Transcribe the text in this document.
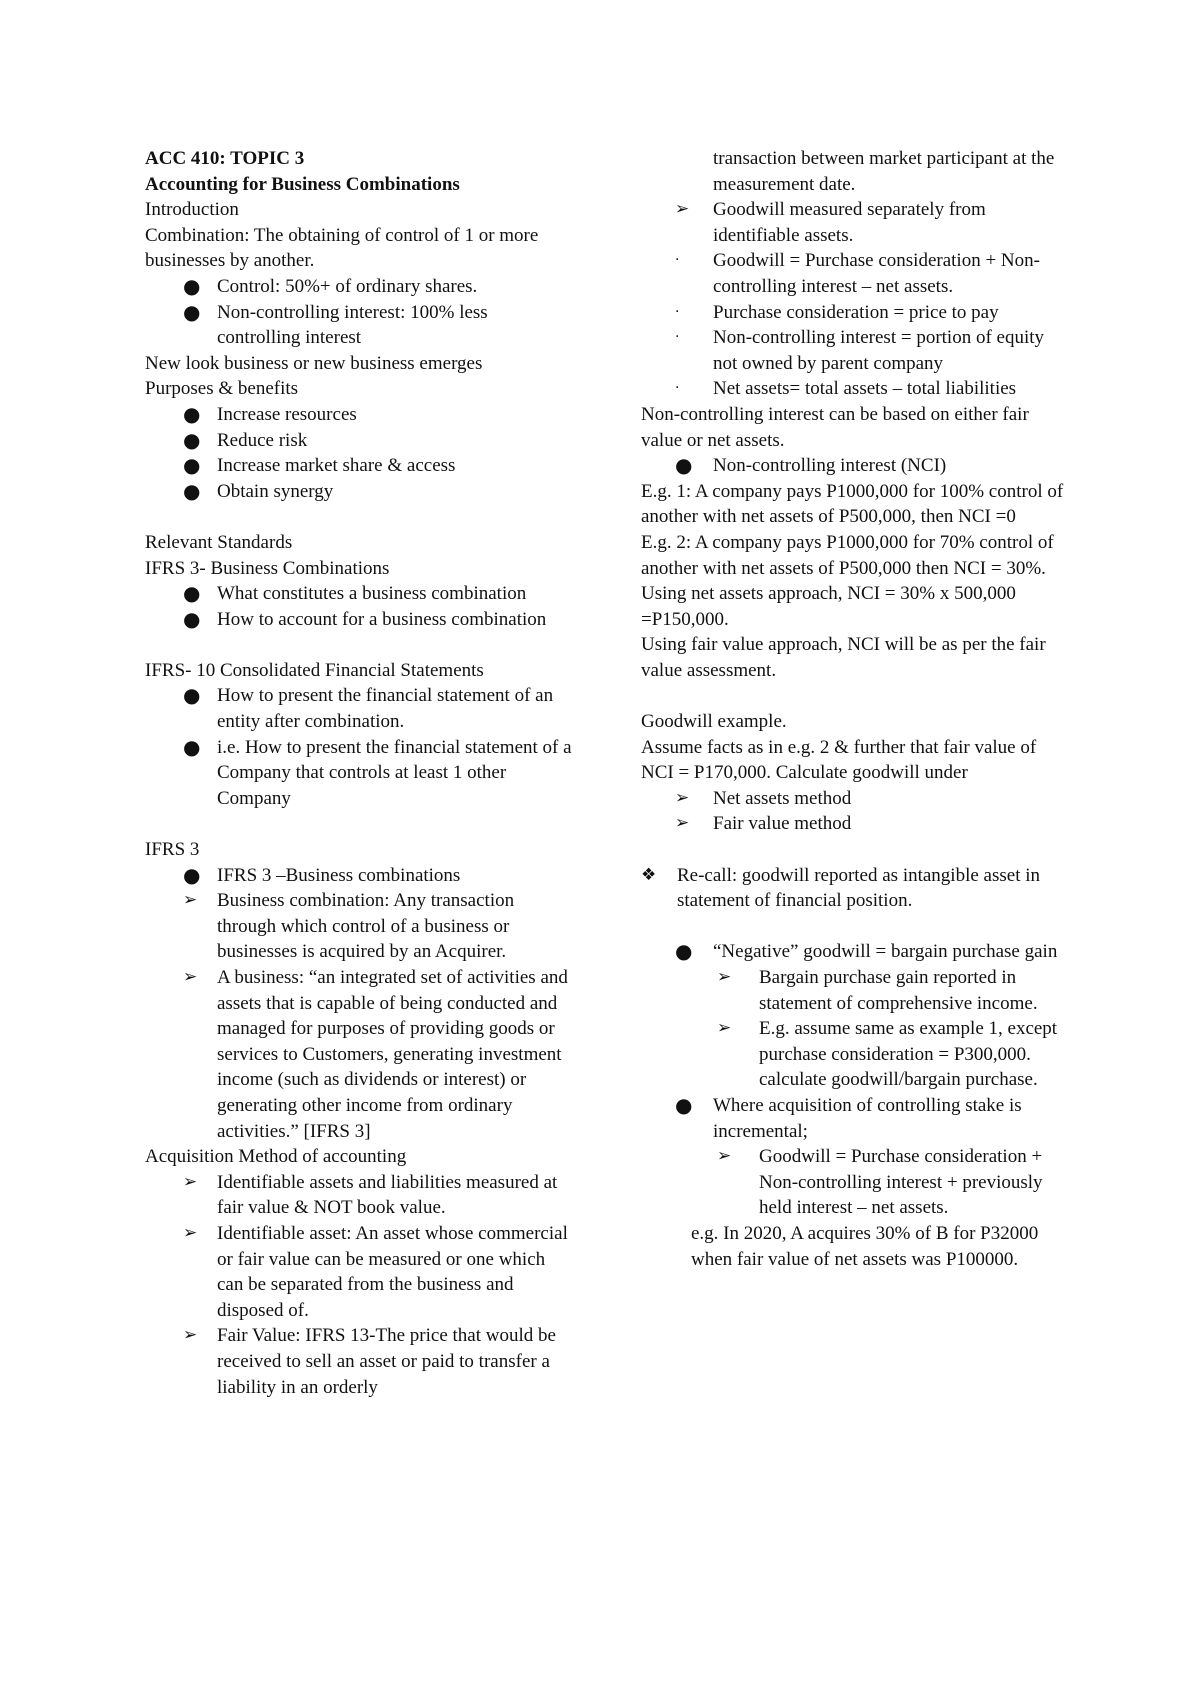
ACC 410: TOPIC 3
Accounting for Business Combinations
Introduction
Combination: The obtaining of control of 1 or more businesses by another.
● Control: 50%+ of ordinary shares.
● Non-controlling interest: 100% less controlling interest
New look business or new business emerges
Purposes & benefits
● Increase resources
● Reduce risk
● Increase market share & access
● Obtain synergy
Relevant Standards
IFRS 3- Business Combinations
● What constitutes a business combination
● How to account for a business combination
IFRS- 10 Consolidated Financial Statements
● How to present the financial statement of an entity after combination.
● i.e. How to present the financial statement of a Company that controls at least 1 other Company
IFRS 3
● IFRS 3 –Business combinations
➢ Business combination: Any transaction through which control of a business or businesses is acquired by an Acquirer.
➢ A business: “an integrated set of activities and assets that is capable of being conducted and managed for purposes of providing goods or services to Customers, generating investment income (such as dividends or interest) or generating other income from ordinary activities.” [IFRS 3]
Acquisition Method of accounting
➢ Identifiable assets and liabilities measured at fair value & NOT book value.
➢ Identifiable asset: An asset whose commercial or fair value can be measured or one which can be separated from the business and disposed of.
➢ Fair Value: IFRS 13-The price that would be received to sell an asset or paid to transfer a liability in an orderly
transaction between market participant at the measurement date.
➢ Goodwill measured separately from identifiable assets.
· Goodwill = Purchase consideration + Non-controlling interest – net assets.
· Purchase consideration = price to pay
· Non-controlling interest = portion of equity not owned by parent company
· Net assets= total assets – total liabilities
Non-controlling interest can be based on either fair value or net assets.
● Non-controlling interest (NCI)
E.g. 1: A company pays P1000,000 for 100% control of another with net assets of P500,000, then NCI =0
E.g. 2: A company pays P1000,000 for 70% control of another with net assets of P500,000 then NCI = 30%.
Using net assets approach, NCI = 30% x 500,000 =P150,000.
Using fair value approach, NCI will be as per the fair value assessment.
Goodwill example.
Assume facts as in e.g. 2 & further that fair value of NCI = P170,000. Calculate goodwill under
➢ Net assets method
➢ Fair value method
❖ Re-call: goodwill reported as intangible asset in statement of financial position.
● “Negative” goodwill = bargain purchase gain
➢ Bargain purchase gain reported in statement of comprehensive income.
➢ E.g. assume same as example 1, except purchase consideration = P300,000. calculate goodwill/bargain purchase.
● Where acquisition of controlling stake is incremental;
➢ Goodwill = Purchase consideration + Non-controlling interest + previously held interest – net assets.
e.g. In 2020, A acquires 30% of B for P32000 when fair value of net assets was P100000.
